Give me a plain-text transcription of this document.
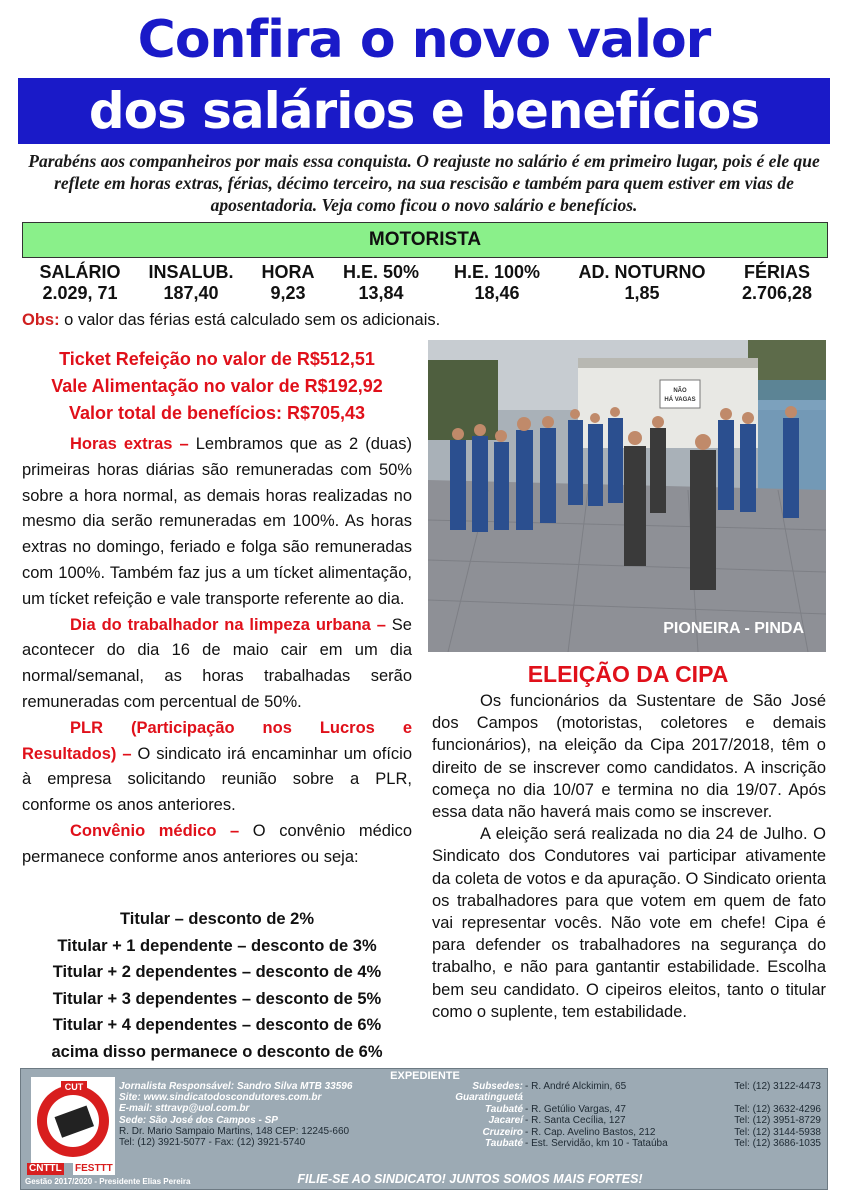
Confira o novo valor
dos salários e benefícios
Parabéns aos companheiros por mais essa conquista. O reajuste no salário é em primeiro lugar, pois é ele que reflete em horas extras, férias, décimo terceiro, na sua rescisão e também para quem estiver em vias de aposentadoria. Veja como ficou o novo salário e benefícios.
MOTORISTA
SALÁRIO	INSALUB.	HORA	H.E. 50%	H.E. 100%	AD. NOTURNO	FÉRIAS
2.029, 71	187,40	9,23	13,84	18,46	1,85	2.706,28
Obs: o valor das férias está calculado sem os adicionais.
Ticket Refeição no valor de R$512,51
Vale Alimentação no valor de R$192,92
Valor total de benefícios: R$705,43

Horas extras – Lembramos que as 2 (duas) primeiras horas diárias são remuneradas com 50% sobre a hora normal, as demais horas realizadas no mesmo dia serão remuneradas em 100%. As horas extras no domingo, feriado e folga são remuneradas com 100%. Também faz jus a um tícket alimentação, um tícket refeição e vale transporte referente ao dia.

Dia do trabalhador na limpeza urbana – Se acontecer do dia 16 de maio cair em um dia normal/semanal, as horas trabalhadas serão remuneradas com percentual de 50%.

PLR (Participação nos Lucros e Resultados) – O sindicato irá encaminhar um ofício à empresa solicitando reunião sobre a PLR, conforme os anos anteriores.

Convênio médico – O convênio médico permanece conforme anos anteriores ou seja:

Titular – desconto de 2%
Titular + 1 dependente – desconto de 3%
Titular + 2 dependentes – desconto de 4%
Titular + 3 dependentes – desconto de 5%
Titular + 4 dependentes – desconto de 6%
acima disso permanece o desconto de 6%
NÃO
HÁ VAGAS
PIONEIRA - PINDA
ELEIÇÃO DA CIPA

Os funcionários da Sustentare de São José dos Campos (motoristas, coletores e demais funcionários), na eleição da Cipa 2017/2018, têm o direito de se inscrever como candidatos. A inscrição começa no dia 10/07 e termina no dia 19/07. Após essa data não haverá mais como se inscrever.

A eleição será realizada no dia 24 de Julho. O Sindicato dos Condutores vai participar ativamente da coleta de votos e da apuração. O Sindicato orienta os trabalhadores para que votem em quem de fato vai representar vocês. Não vote em chefe! Cipa é para defender os trabalhadores na segurança do trabalho, e não para gantantir estabilidade. Escolha bem seu candidato. O cipeiros eleitos, tanto o titular como o suplente, tem estabilidade.

EXPEDIENTE
CUT
CNTTL FESTTT
Gestão 2017/2020 - Presidente Elias Pereira
Jornalista Responsável: Sandro Silva MTB 33596
Site: www.sindicatodoscondutores.com.br
E-mail: sttravp@uol.com.br
Sede: São José dos Campos - SP
R. Dr. Mario Sampaio Martins, 148 CEP: 12245-660
Tel: (12) 3921-5077 - Fax: (12) 3921-5740
Subsedes: Guaratinguetá
- R. André Alckimin, 65	Tel: (12) 3122-4473
Taubaté - R. Getúlio Vargas, 47	Tel: (12) 3632-4296
Jacareí - R. Santa Cecília, 127	Tel: (12) 3951-8729
Cruzeiro - R. Cap. Avelino Bastos, 212	Tel: (12) 3144-5938
Taubaté - Est. Servidão, km 10 - Tataúba	Tel: (12) 3686-1035
FILIE-SE AO SINDICATO! JUNTOS SOMOS MAIS FORTES!
